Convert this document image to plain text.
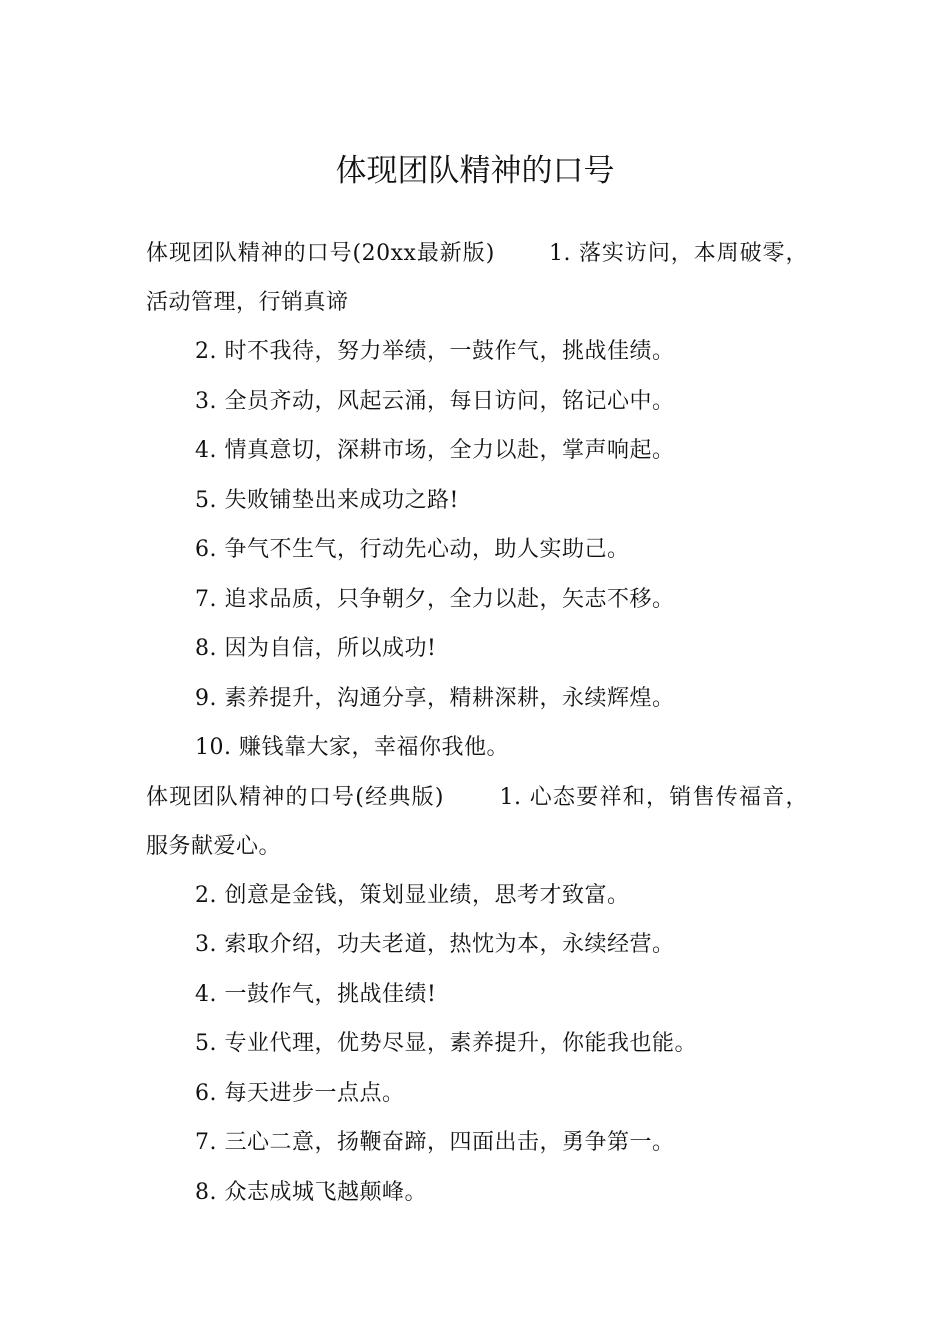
体现团队精神的口号

体现团队精神的口号(20xx最新版)　　 1. 落实访问，本周破零，活动管理，行销真谛

2. 时不我待，努力举绩，一鼓作气，挑战佳绩。

3. 全员齐动，风起云涌，每日访问，铭记心中。

4. 情真意切，深耕市场，全力以赴，掌声响起。

5. 失败铺垫出来成功之路!

6. 争气不生气，行动先心动，助人实助己。

7. 追求品质，只争朝夕，全力以赴，矢志不移。

8. 因为自信，所以成功!

9. 素养提升，沟通分享，精耕深耕，永续辉煌。

10. 赚钱靠大家，幸福你我他。

体现团队精神的口号(经典版)　　 1. 心态要祥和，销售传福音，服务献爱心。

2. 创意是金钱，策划显业绩，思考才致富。

3. 索取介绍，功夫老道，热忱为本，永续经营。

4. 一鼓作气，挑战佳绩!

5. 专业代理，优势尽显，素养提升，你能我也能。

6. 每天进步一点点。

7. 三心二意，扬鞭奋蹄，四面出击，勇争第一。

8. 众志成城飞越颠峰。
